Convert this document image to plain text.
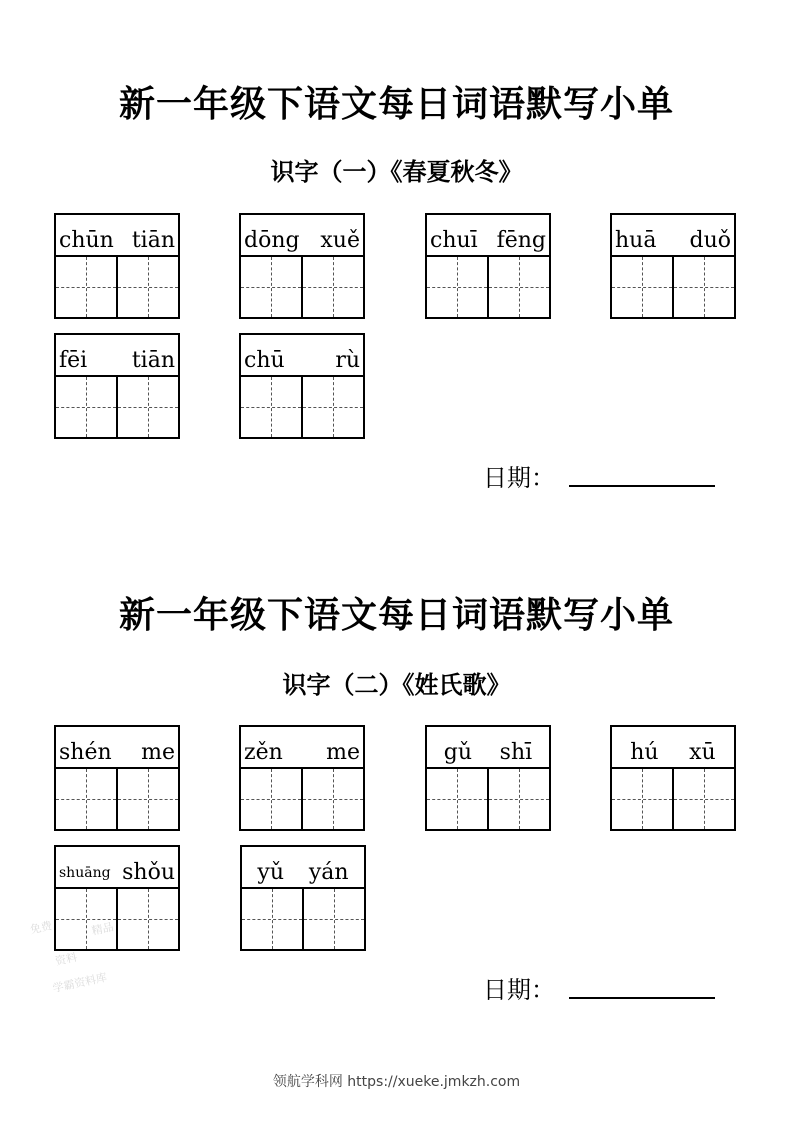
新一年级下语文每日词语默写小单
识字（一）《春夏秋冬》
chūn tiān	dōng xuě	chuī fēng	huā duǒ
fēi tiān	chū rù
日期：
新一年级下语文每日词语默写小单
识字（二）《姓氏歌》
shén me	zěn me	gǔ shī	hú xū
shuāng shǒu	yǔ yán
日期：
免费	精品
资料
学霸资料库
领航学科网 https://xueke.jmkzh.com
